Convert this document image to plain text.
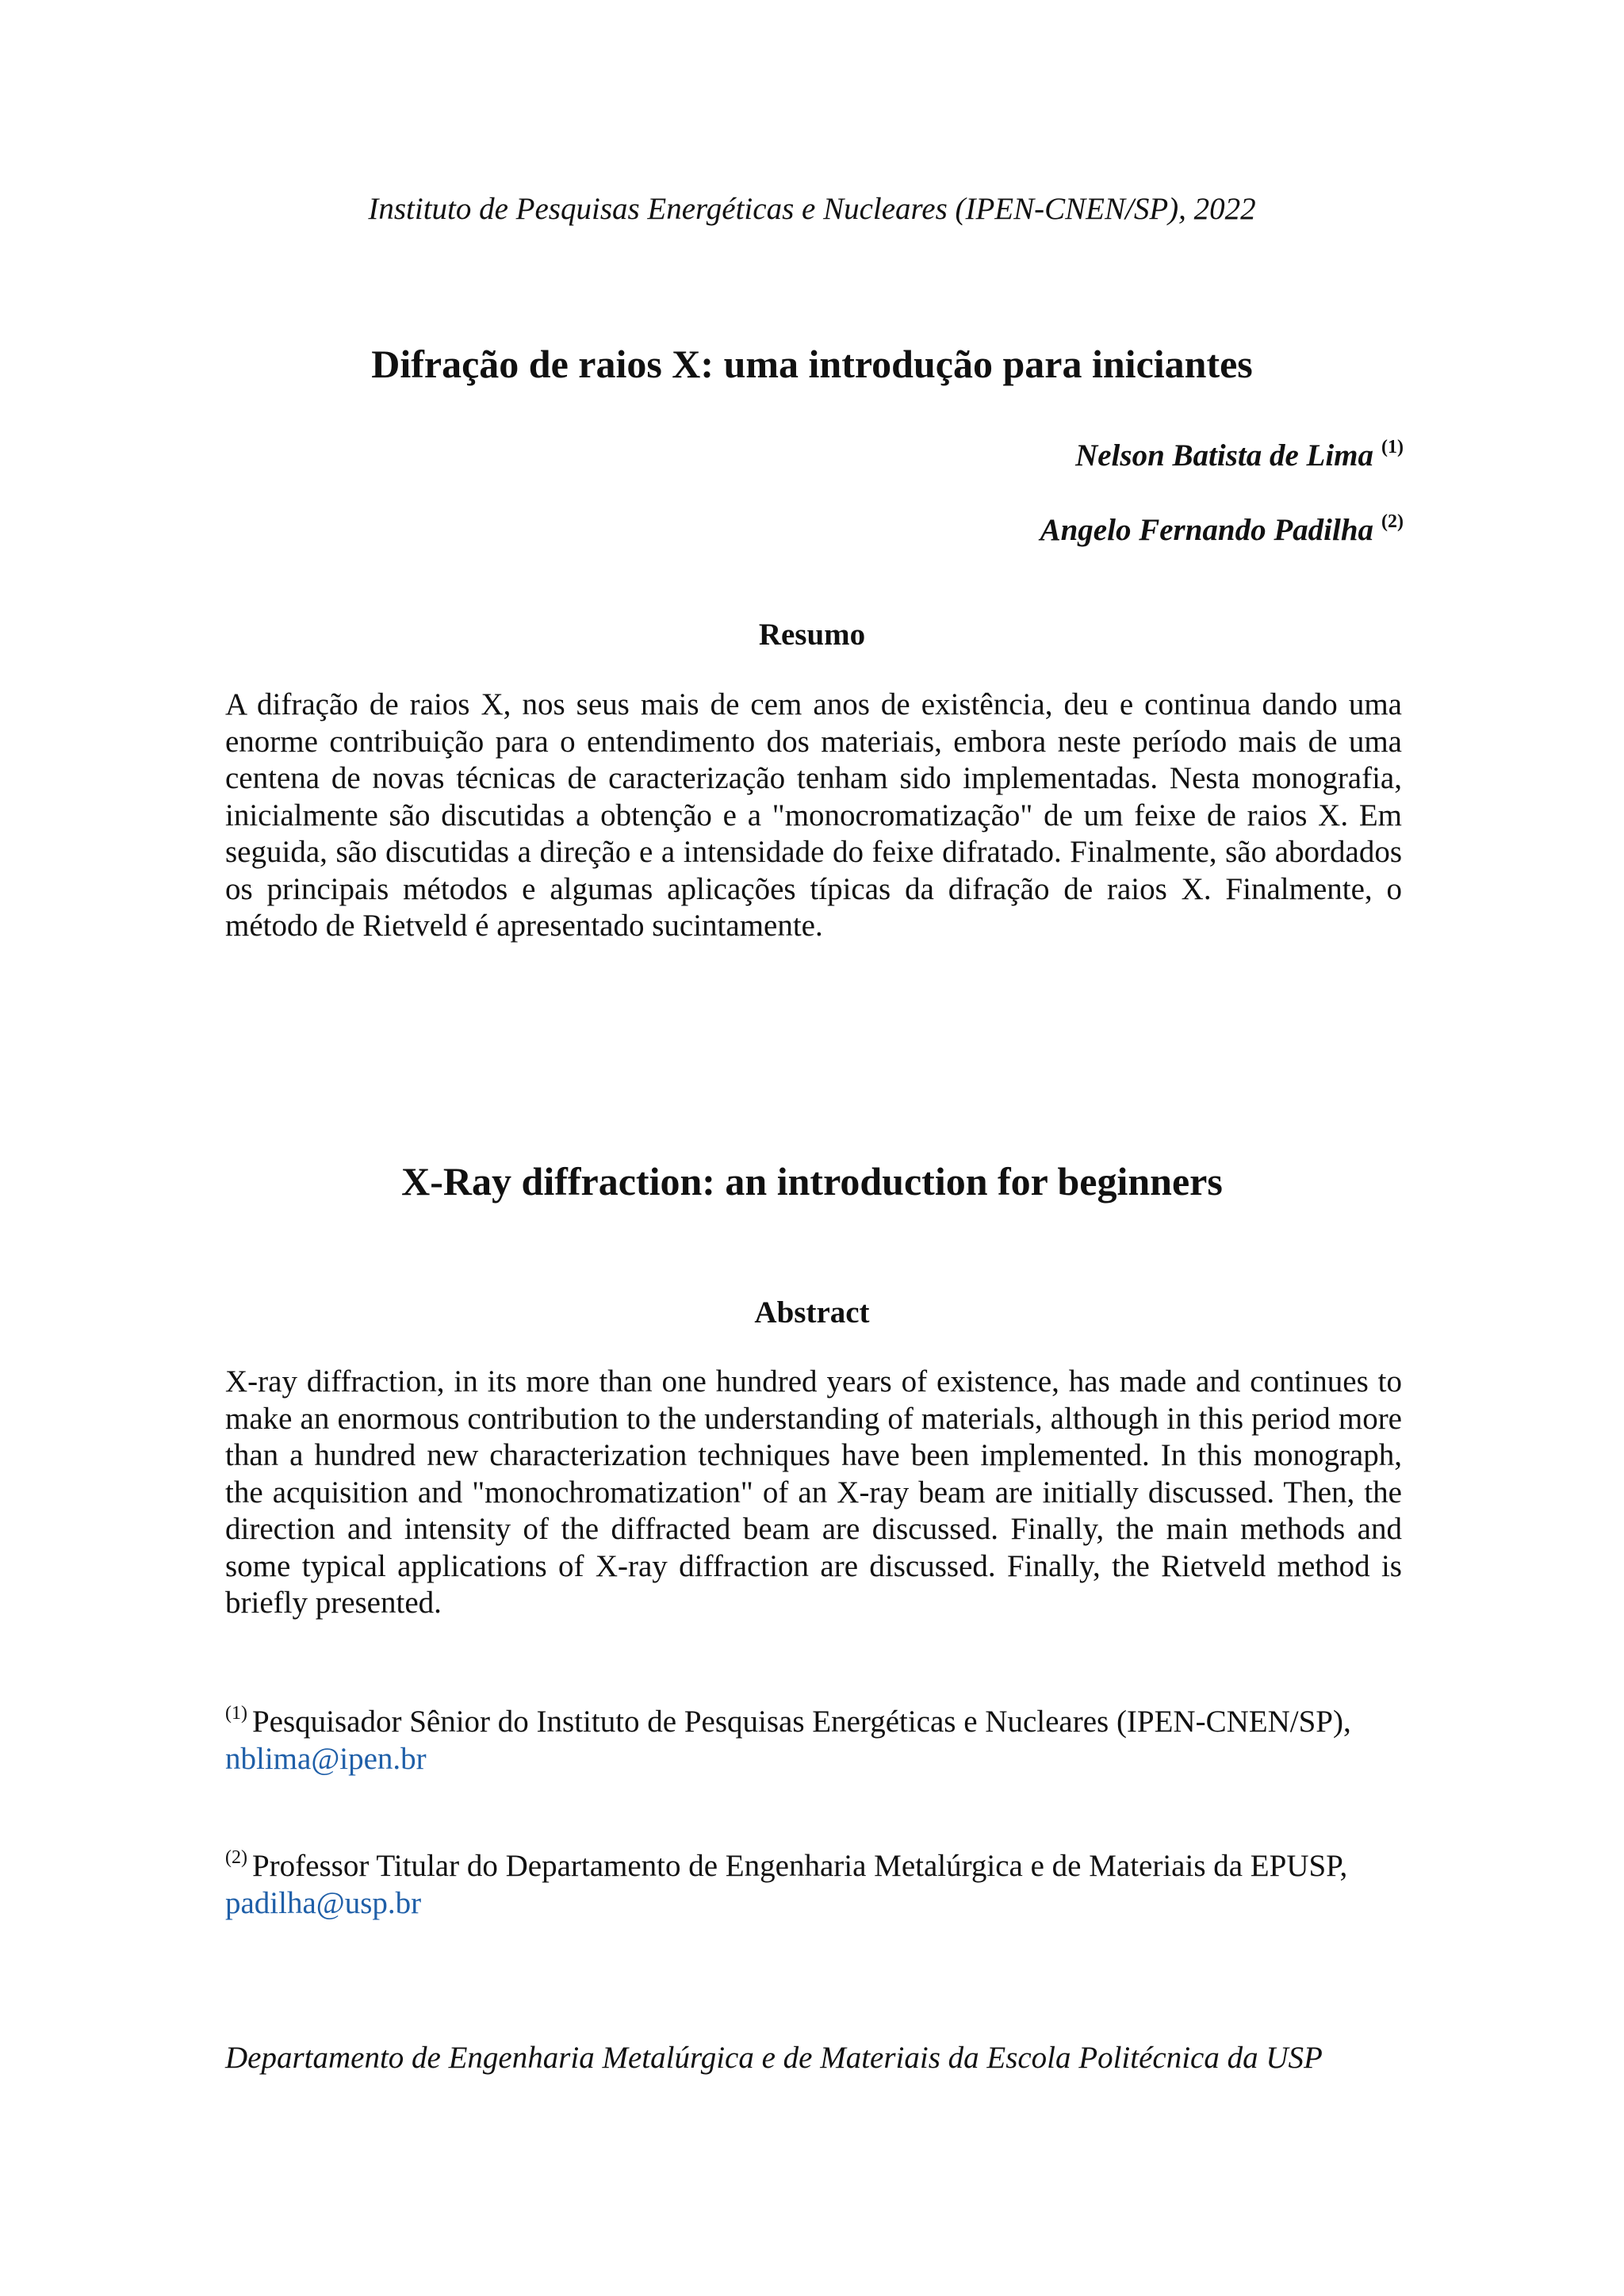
Instituto de Pesquisas Energéticas e Nucleares (IPEN-CNEN/SP), 2022
Difração de raios X: uma introdução para iniciantes
Nelson Batista de Lima $^{(1)}$
Angelo Fernando Padilha $^{(2)}$
Resumo
A difração de raios X, nos seus mais de cem anos de existência, deu e continua dando uma enorme contribuição para o entendimento dos materiais, embora neste período mais de uma centena de novas técnicas de caracterização tenham sido implementadas. Nesta monografia, inicialmente são discutidas a obtenção e a "monocromatização" de um feixe de raios X. Em seguida, são discutidas a direção e a intensidade do feixe difratado. Finalmente, são abordados os principais métodos e algumas aplicações típicas da difração de raios X. Finalmente, o método de Rietveld é apresentado sucintamente.
X-Ray diffraction: an introduction for beginners
Abstract
X-ray diffraction, in its more than one hundred years of existence, has made and continues to make an enormous contribution to the understanding of materials, although in this period more than a hundred new characterization techniques have been implemented. In this monograph, the acquisition and "monochromatization" of an X-ray beam are initially discussed. Then, the direction and intensity of the diffracted beam are discussed. Finally, the main methods and some typical applications of X-ray diffraction are discussed. Finally, the Rietveld method is briefly presented.
$^{(1)}$ Pesquisador Sênior do Instituto de Pesquisas Energéticas e Nucleares (IPEN-CNEN/SP),
nblima@ipen.br
$^{(2)}$ Professor Titular do Departamento de Engenharia Metalúrgica e de Materiais da EPUSP,
padilha@usp.br
Departamento de Engenharia Metalúrgica e de Materiais da Escola Politécnica da USP
